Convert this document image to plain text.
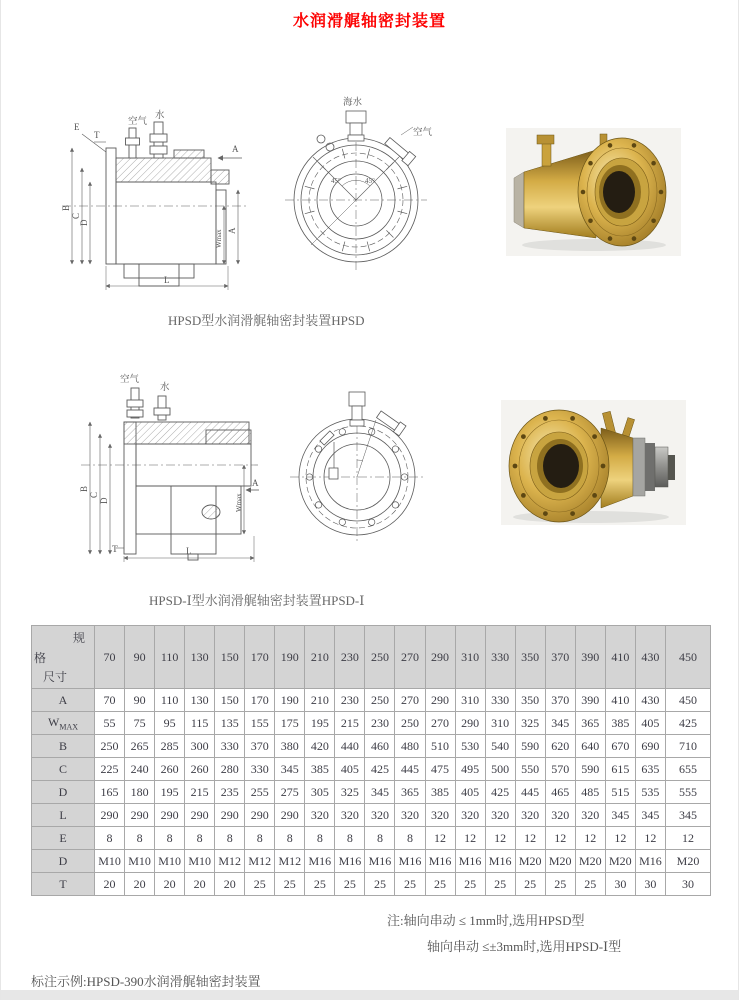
水润滑艉轴密封装置
空气
水
E
T
B
C
D
A
Wmax A
L
海水
空气
45°	45°
HPSD型水润滑艉轴密封装置HPSD
空气
水
B
C
D	Wmax
A
T	L
HPSD-Ⅰ型水润滑艉轴密封装置HPSD-Ⅰ
规
格
尺寸	70	90	110	130	150	170	190	210	230	250	270	290	310	330	350	370	390	410	430	450
A	70	90	110	130	150	170	190	210	230	250	270	290	310	330	350	370	390	410	430	450
$W_{MAX}$	55	75	95	115	135	155	175	195	215	230	250	270	290	310	325	345	365	385	405	425
B	250	265	285	300	330	370	380	420	440	460	480	510	530	540	590	620	640	670	690	710
C	225	240	260	260	280	330	345	385	405	425	445	475	495	500	550	570	590	615	635	655
D	165	180	195	215	235	255	275	305	325	345	365	385	405	425	445	465	485	515	535	555
L	290	290	290	290	290	290	290	320	320	320	320	320	320	320	320	320	320	345	345	345
E	8	8	8	8	8	8	8	8	8	8	8	12	12	12	12	12	12	12	12	12
D	M10	M10	M10	M10	M12	M12	M12	M16	M16	M16	M16	M16	M16	M16	M20	M20	M20	M20	M16	M20
T	20	20	20	20	20	25	25	25	25	25	25	25	25	25	25	25	25	30	30	30
注:轴向串动 ≤ 1mm时,选用HPSD型
轴向串动 ≤±3mm时,选用HPSD-Ⅰ型
标注示例:HPSD-390水润滑艉轴密封装置
